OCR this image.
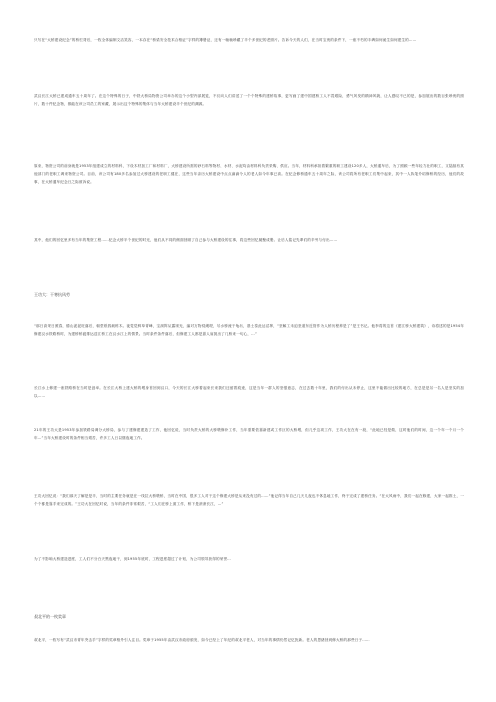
只写在“大桥建设纪念”的桥栏背后，一枚全体编制文洁笑容，一本存在“桥梁安全技术合格证”字样的簿册证，还有一帧帧珍藏了半个多世纪的老照片。告诉今天的人们，在当时宝贵的条件下，一座不朽的丰碑如何诞生如何建生的……

武汉长江大桥已建成通车五十周年了。在这个特殊的日子，中铁大桥局物资公司举办的这个小型内部展览，不仅向人们讲述了一个个特殊的建桥故事，更写画了建中国建桥工人不畏艰险，勇气风发的精神风貌，让人感叹不已的是，参加展出的数百张珍贵的照片，数十件纪念物，都能在该公司员工的家藏，展示出这个特殊的集体与当年大桥建设半个世纪的渊源。

原来，物资公司的前身就是1953年组建成立的材料科，下设木材加工厂和材料厂，大桥建设所需的砂石料等物材、水材、水泥均由材料科负责采购、供应。当年，材料科承担着繁重的职工建设120多人，大桥通车后，为了照顾一些年轻力壮的职工，又陆续有其他部门的老职工调来物资公司。目前，该公司有180多名参加过大桥建设的老职工健在，这些当年亲历大桥建设中点点滴滴令人的老人如今年事已高。在纪念修桥通车五十周年之际，该公司将所有老职工们集中起来，其中一人执笔介绍修桥的经历，他们的故事，在大桥通车纪念日之际被诉说。

其中，他们的回忆里多有当年的集资工程……纪念大桥半个世纪的时光，他们从不同的侧面回顾了自己参与大桥建设的往事，将这些回忆凝聚成册。让后人铭记先辈们的辛劳与付出……

王功大：干寒抗风劳

“那日高采日照春，椿山泥泥旺落后，朝堂纸钱载栋木。夜觉觉鲜草青峰，宝洞阵从露颂光，编对万物绕绳堤，尽水桥流于龟坛，基土泰此达淫摔，“坚解工未迫坚道东近管作为人桥历程养是了”是王书记。他李将的这首《建江桥大桥建筑》，诗将述的是1954年修建汉水铁路桥时，为建桥桥渡排运送江桥工在汉水江上的情景。当时条件条件落后，但修建工人都是靠人肩挑出了几桥来一句心，…”

长江水上修建一座铁路桥在当时是创举。在长江大桥上建大桥的墩身首回到汉口，今天的长江大桥着起来长来我们还留着痕迹，这是当年一群人的坚强意志，在过去数十年里，我们的付出从未停止，这里不能做出比较的地方，在总是是另一名人是坚实的加以……

21年的王功大是1953年参加铁路局调分大桥局，参与了建修建建造了工作，他回忆说，当时负责大桥的大桥墩修补工作，当年需要依靠新建或工作区的大桥墩，但几乎这项工作，王功大在在有一段，“此地已经是做，这时他们的时间，这一个年一个月一个年…”当年大桥建设时的条件相当艰苦，许多工人日以继夜地工作。

王功大回忆说：“我们那天了解是是半，当时的主要任务就是在一线拉大桥墩桥，当时在中国，很多工人对于这个修建大桥是从来没有过的……”他记得当年自己几天几夜也不休息地工作，终于完成了建桥任务。“在大风雨中，我们一起在修建，大家一起推土，一个个都是靠手来完成的。”王功大在回忆时说，当年的条件非常艰苦，“工人们在桥上面工作，桥下是滚滚长江，…”

为了不影响大桥建造进度，工人们不分白天黑夜地干，到1955年底时，工程进度超过了计划，为公司领导获得的荣誉…

叔北平的一枚奖章

叔北平，一枚写有“武汉市青年突击手”字样的奖章格外引人注目。奖章于1955年由武汉市政府颁发，如今已经上了年纪的叔北平老人，对当年的事情仍然记忆犹新。老人的思绪回到修大桥的那些日子……
